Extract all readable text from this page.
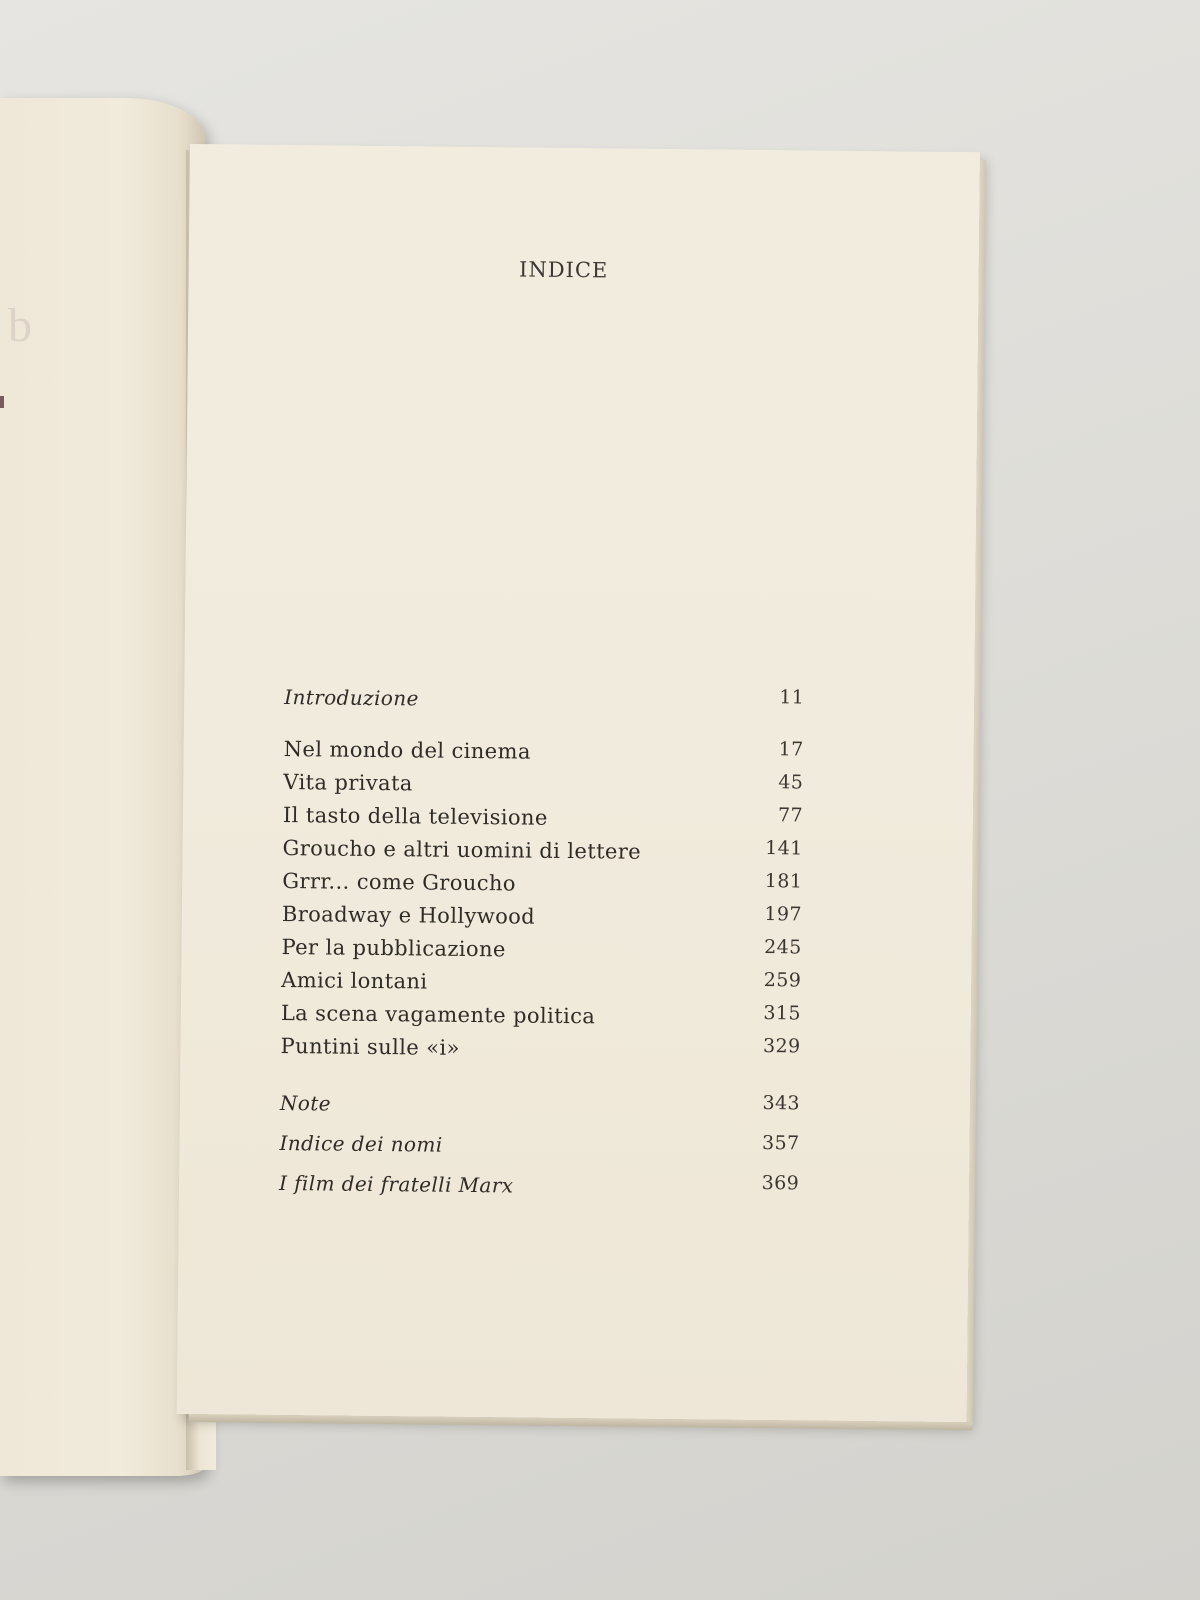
b
INDICE
Introduzione	11
Nel mondo del cinema	17
Vita privata	45
Il tasto della televisione	77
Groucho e altri uomini di lettere	141
Grrr... come Groucho	181
Broadway e Hollywood	197
Per la pubblicazione	245
Amici lontani	259
La scena vagamente politica	315
Puntini sulle «i»	329
Note	343
Indice dei nomi	357
I film dei fratelli Marx	369
